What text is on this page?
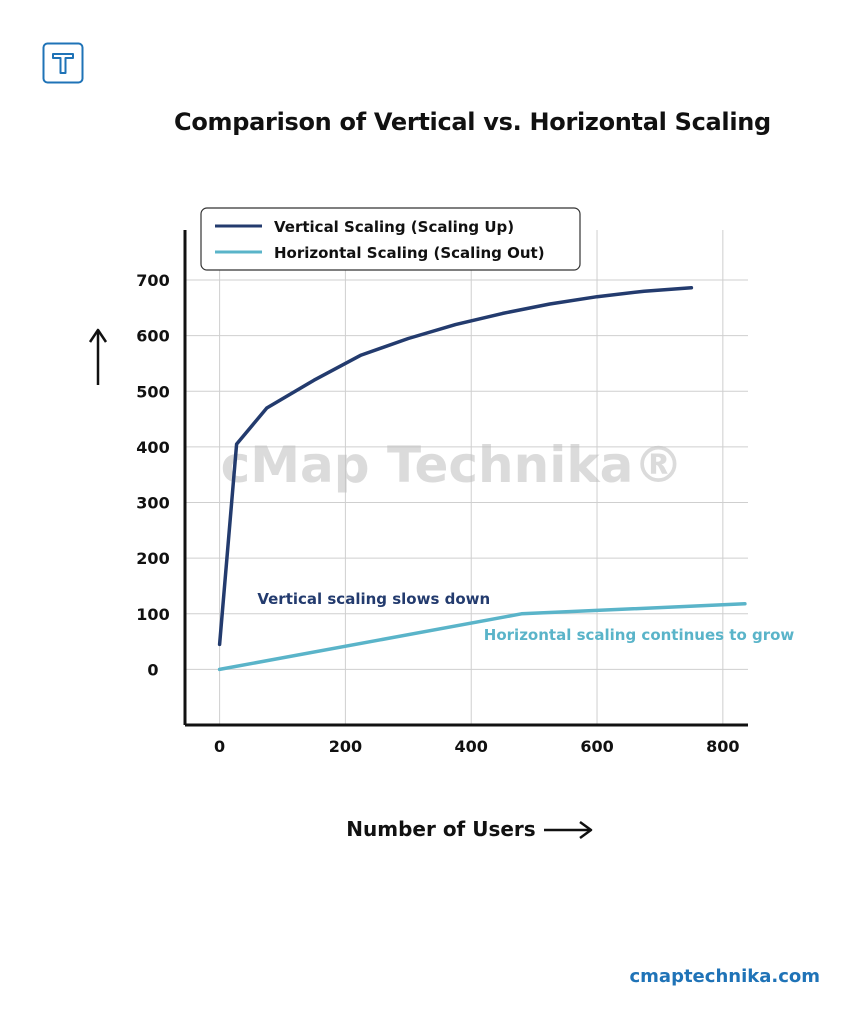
Comparison of Vertical vs. Horizontal Scaling
cMap Technika®
0	200	400	600	800
0
100
200
300
400
500
600
700
Number of Users
Vertical scaling slows down
Horizontal scaling continues to grow
Vertical Scaling (Scaling Up)
Horizontal Scaling (Scaling Out)
cmaptechnika.com
